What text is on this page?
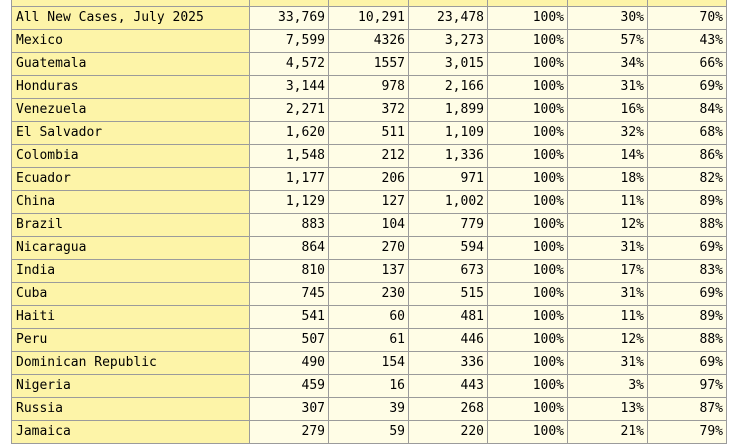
All New Cases, July 2025	33,769	10,291	23,478	100%	30%	70%
Mexico	7,599	4326	3,273	100%	57%	43%
Guatemala	4,572	1557	3,015	100%	34%	66%
Honduras	3,144	978	2,166	100%	31%	69%
Venezuela	2,271	372	1,899	100%	16%	84%
El Salvador	1,620	511	1,109	100%	32%	68%
Colombia	1,548	212	1,336	100%	14%	86%
Ecuador	1,177	206	971	100%	18%	82%
China	1,129	127	1,002	100%	11%	89%
Brazil	883	104	779	100%	12%	88%
Nicaragua	864	270	594	100%	31%	69%
India	810	137	673	100%	17%	83%
Cuba	745	230	515	100%	31%	69%
Haiti	541	60	481	100%	11%	89%
Peru	507	61	446	100%	12%	88%
Dominican Republic	490	154	336	100%	31%	69%
Nigeria	459	16	443	100%	3%	97%
Russia	307	39	268	100%	13%	87%
Jamaica	279	59	220	100%	21%	79%
